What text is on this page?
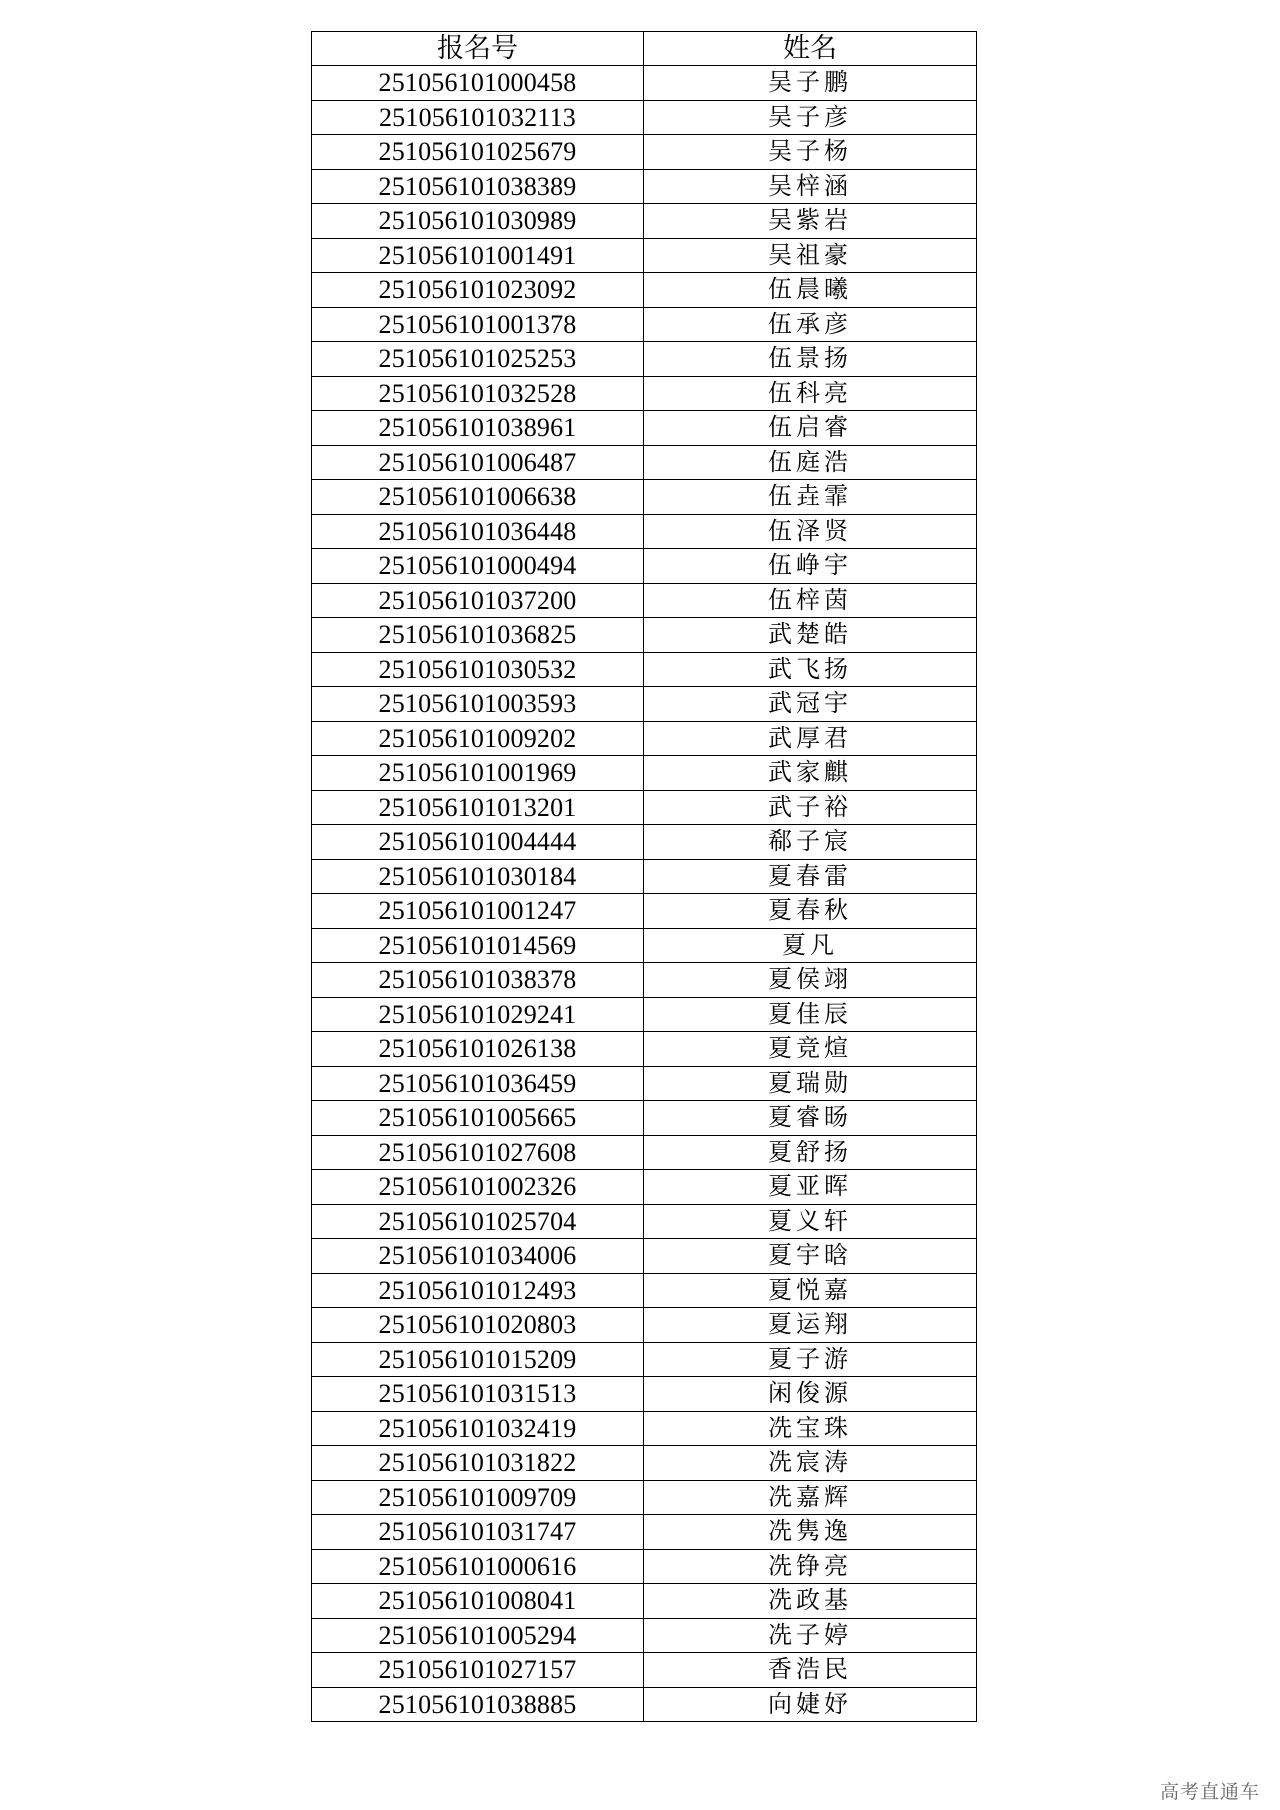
报名号	姓名
251056101000458	吴子鹏
251056101032113	吴子彦
251056101025679	吴子杨
251056101038389	吴梓涵
251056101030989	吴紫岩
251056101001491	吴祖豪
251056101023092	伍晨曦
251056101001378	伍承彦
251056101025253	伍景扬
251056101032528	伍科亮
251056101038961	伍启睿
251056101006487	伍庭浩
251056101006638	伍垚霏
251056101036448	伍泽贤
251056101000494	伍峥宇
251056101037200	伍梓茵
251056101036825	武楚皓
251056101030532	武飞扬
251056101003593	武冠宇
251056101009202	武厚君
251056101001969	武家麒
251056101013201	武子裕
251056101004444	郗子宸
251056101030184	夏春雷
251056101001247	夏春秋
251056101014569	夏凡
251056101038378	夏侯翊
251056101029241	夏佳辰
251056101026138	夏竞煊
251056101036459	夏瑞勋
251056101005665	夏睿旸
251056101027608	夏舒扬
251056101002326	夏亚晖
251056101025704	夏义轩
251056101034006	夏宇晗
251056101012493	夏悦嘉
251056101020803	夏运翔
251056101015209	夏子游
251056101031513	闲俊源
251056101032419	冼宝珠
251056101031822	冼宸涛
251056101009709	冼嘉辉
251056101031747	冼隽逸
251056101000616	冼铮亮
251056101008041	冼政基
251056101005294	冼子婷
251056101027157	香浩民
251056101038885	向婕妤
高考直通车
